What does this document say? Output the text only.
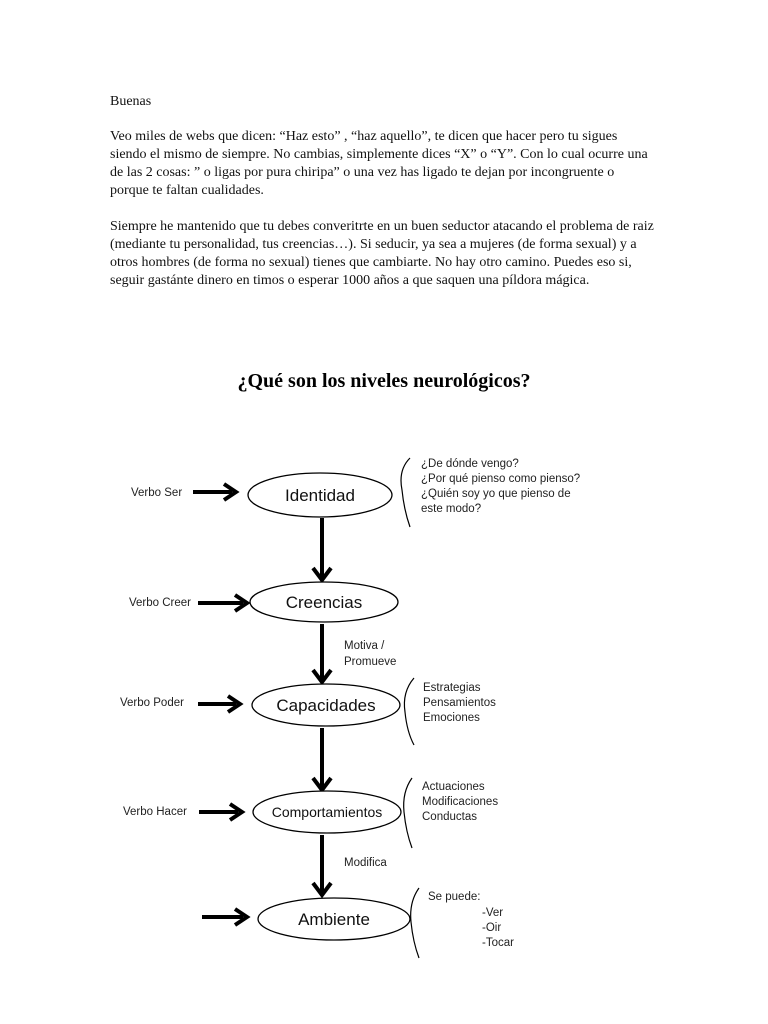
Buenas

Veo miles de webs que dicen: “Haz esto” , “haz aquello”, te dicen que hacer pero tu sigues siendo el mismo de siempre. No cambias, simplemente dices “X” o “Y”. Con lo cual ocurre una de las 2 cosas: ” o ligas por pura chiripa” o una vez has ligado te dejan por incongruente o porque te faltan cualidades.

Siempre he mantenido que tu debes converitrte en un buen seductor atacando el problema de raiz (mediante tu personalidad, tus creencias…). Si seducir, ya sea a mujeres (de forma sexual) y a otros hombres (de forma no sexual) tienes que cambiarte. No hay otro camino. Puedes eso si, seguir gastánte dinero en timos o esperar 1000 años a que saquen una píldora mágica.

¿Qué son los niveles neurológicos?
Verbo Ser	Identidad
¿De dónde vengo?
¿Por qué pienso como pienso?
¿Quién soy yo que pienso de
este modo?
Verbo Creer	Creencias
Motiva /
Promueve
Verbo Poder	Capacidades
Estrategias
Pensamientos
Emociones
Verbo Hacer	Comportamientos
Actuaciones
Modificaciones
Conductas
Modifica
Ambiente
Se puede:
-Ver
-Oir
-Tocar
